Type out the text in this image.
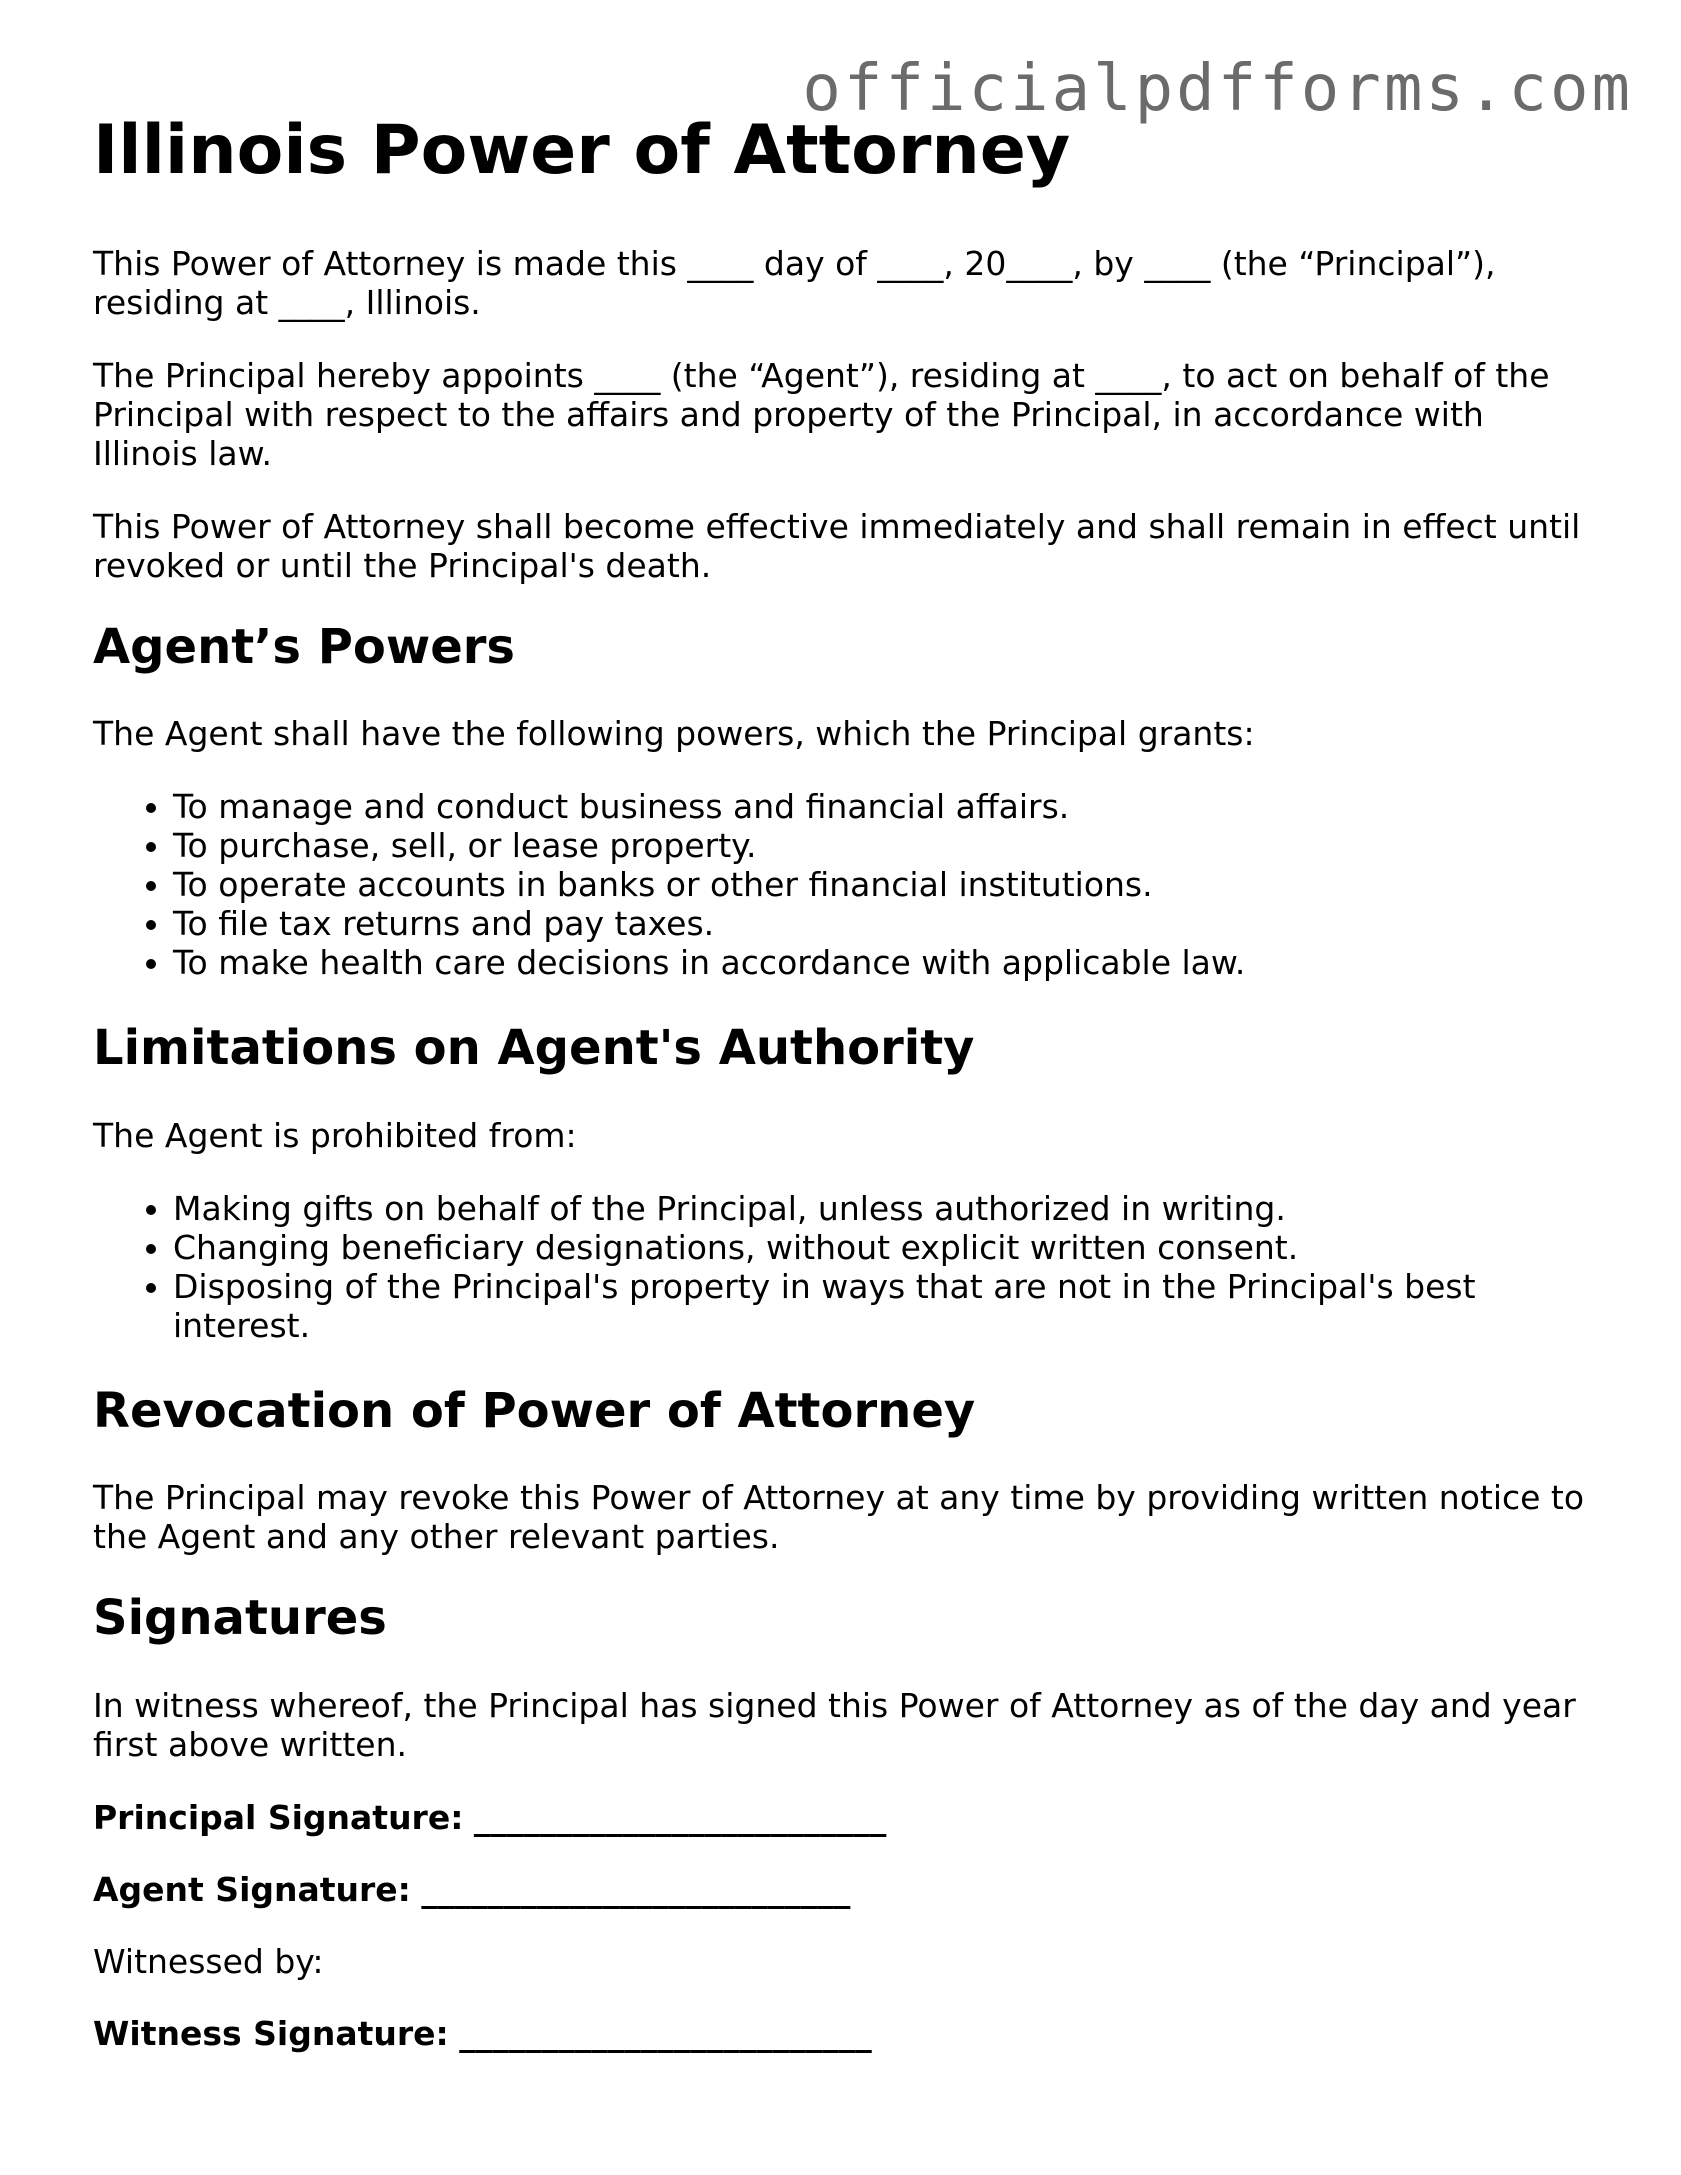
officialpdfforms.com
Illinois Power of Attorney

This Power of Attorney is made this ____ day of ____, 20____, by ____ (the “Principal”), residing at ____, Illinois.

The Principal hereby appoints ____ (the “Agent”), residing at ____, to act on behalf of the Principal with respect to the affairs and property of the Principal, in accordance with Illinois law.

This Power of Attorney shall become effective immediately and shall remain in effect until revoked or until the Principal's death.

Agent’s Powers

The Agent shall have the following powers, which the Principal grants:

• To manage and conduct business and financial affairs.
• To purchase, sell, or lease property.
• To operate accounts in banks or other financial institutions.
• To file tax returns and pay taxes.
• To make health care decisions in accordance with applicable law.
Limitations on Agent's Authority

The Agent is prohibited from:

• Making gifts on behalf of the Principal, unless authorized in writing.
• Changing beneficiary designations, without explicit written consent.
• Disposing of the Principal's property in ways that are not in the Principal's best interest.
Revocation of Power of Attorney

The Principal may revoke this Power of Attorney at any time by providing written notice to the Agent and any other relevant parties.

Signatures

In witness whereof, the Principal has signed this Power of Attorney as of the day and year first above written.

Principal Signature: _________________________
Agent Signature: __________________________
Witnessed by:
Witness Signature: _________________________
